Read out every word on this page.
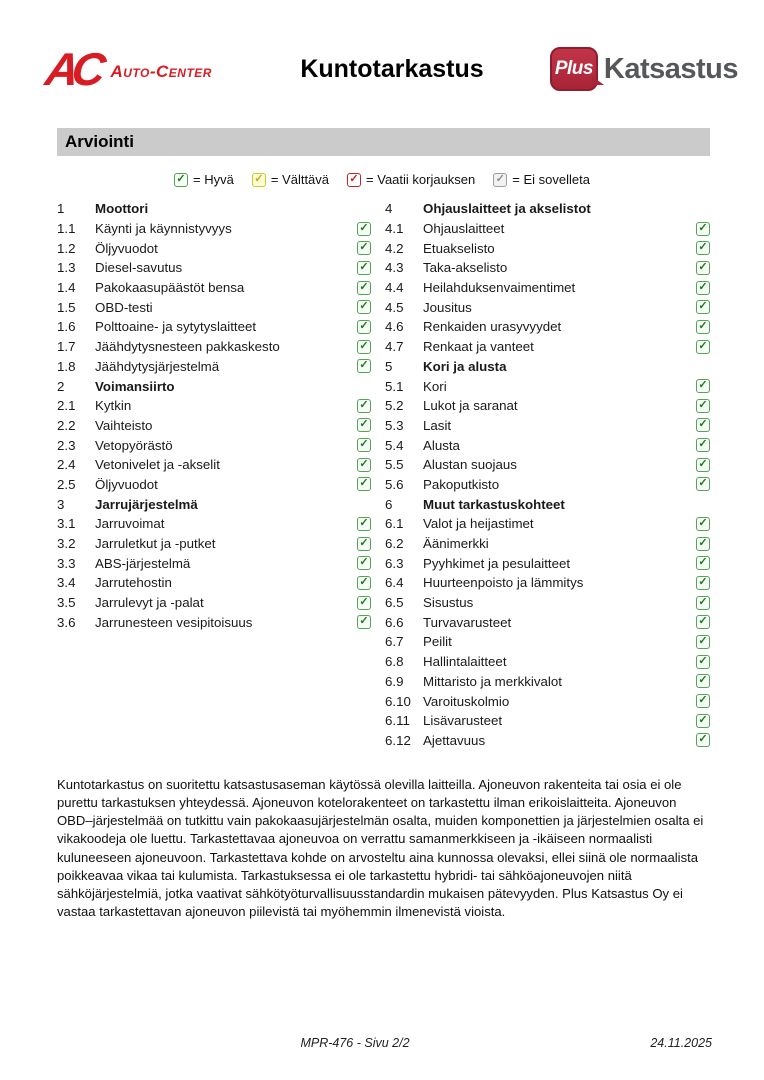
AC Auto-Center	Kuntotarkastus	Plus Katsastus
Arviointi
✓ = Hyvä ✓ = Välttävä ✓ = Vaatii korjauksen ✓ = Ei sovelleta
1	Moottori
1.1	Käynti ja käynnistyvyys	✓
1.2	Öljyvuodot	✓
1.3	Diesel-savutus	✓
1.4	Pakokaasupäästöt bensa	✓
1.5	OBD-testi	✓
1.6	Polttoaine- ja sytytyslaitteet	✓
1.7	Jäähdytysnesteen pakkaskesto	✓
1.8	Jäähdytysjärjestelmä	✓
2	Voimansiirto
2.1	Kytkin	✓
2.2	Vaihteisto	✓
2.3	Vetopyörästö	✓
2.4	Vetonivelet ja -akselit	✓
2.5	Öljyvuodot	✓
3	Jarrujärjestelmä
3.1	Jarruvoimat	✓
3.2	Jarruletkut ja -putket	✓
3.3	ABS-järjestelmä	✓
3.4	Jarrutehostin	✓
3.5	Jarrulevyt ja -palat	✓
3.6	Jarrunesteen vesipitoisuus	✓
4	Ohjauslaitteet ja akselistot
4.1	Ohjauslaitteet	✓
4.2	Etuakselisto	✓
4.3	Taka-akselisto	✓
4.4	Heilahduksenvaimentimet	✓
4.5	Jousitus	✓
4.6	Renkaiden urasyvyydet	✓
4.7	Renkaat ja vanteet	✓
5	Kori ja alusta
5.1	Kori	✓
5.2	Lukot ja saranat	✓
5.3	Lasit	✓
5.4	Alusta	✓
5.5	Alustan suojaus	✓
5.6	Pakoputkisto	✓
6	Muut tarkastuskohteet
6.1	Valot ja heijastimet	✓
6.2	Äänimerkki	✓
6.3	Pyyhkimet ja pesulaitteet	✓
6.4	Huurteenpoisto ja lämmitys	✓
6.5	Sisustus	✓
6.6	Turvavarusteet	✓
6.7	Peilit	✓
6.8	Hallintalaitteet	✓
6.9	Mittaristo ja merkkivalot	✓
6.10 Varoituskolmio	✓
6.11 Lisävarusteet	✓
6.12 Ajettavuus	✓
Kuntotarkastus on suoritettu katsastusaseman käytössä olevilla laitteilla. Ajoneuvon rakenteita tai osia ei ole purettu tarkastuksen yhteydessä. Ajoneuvon kotelorakenteet on tarkastettu ilman erikoislaitteita. Ajoneuvon OBD–järjestelmää on tutkittu vain pakokaasujärjestelmän osalta, muiden komponettien ja järjestelmien osalta ei vikakoodeja ole luettu. Tarkastettavaa ajoneuvoa on verrattu samanmerkkiseen ja -ikäiseen normaalisti kuluneeseen ajoneuvoon. Tarkastettava kohde on arvosteltu aina kunnossa olevaksi, ellei siinä ole normaalista poikkeavaa vikaa tai kulumista. Tarkastuksessa ei ole tarkastettu hybridi- tai sähköajoneuvojen niitä sähköjärjestelmiä, jotka vaativat sähkötyöturvallisuusstandardin mukaisen pätevyyden. Plus Katsastus Oy ei vastaa tarkastettavan ajoneuvon piilevistä tai myöhemmin ilmenevistä vioista.
MPR-476 - Sivu 2/2	24.11.2025
